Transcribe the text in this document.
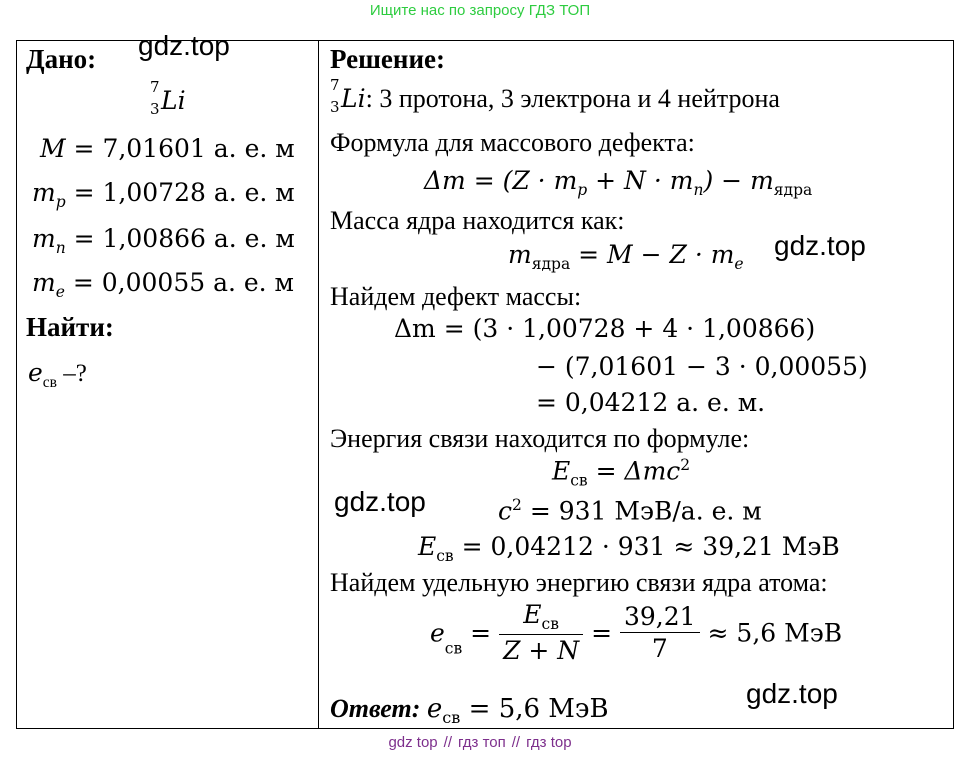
Ищите нас по запросу ГДЗ ТОП
Дано:
7
3 Li
M = 7,01601 а. е. м
$m_p = 1,00728$ а. е. м
$m_n = 1,00866$ а. е. м
$m_e = 0,00055$ а. е. м
Найти:
$e_{св}$ –?
Решение:
7
3 Li: 3 протона, 3 электрона и 4 нейтрона
Формула для массового дефекта:
$\Delta m = (Z \cdot m_p + N \cdot m_n) - m_{ядра}$
Масса ядра находится как:
$m_{ядра} = M - Z \cdot m_e$
Найдем дефект массы:
Δm = (3 · 1,00728 + 4 · 1,00866)
− (7,01601 − 3 · 0,00055)
= 0,04212 а. е. м.
Энергия связи находится по формуле:
$E_{св} = \Delta mc^2$
$c^2 = 931$ МэВ/а. е. м
$E_{св} = 0,04212 \cdot 931 \approx 39,21$ МэВ
Найдем удельную энергию связи ядра атома:
$e_{св} = \frac{E_{св}}{Z + N} = \frac{39,21}{7} \approx 5,6$ МэВ
Ответ: $e_{св} = 5,6$ МэВ
gdz.top
gdz.top
gdz.top
gdz.top
gdz top // гдз топ // гдз top
